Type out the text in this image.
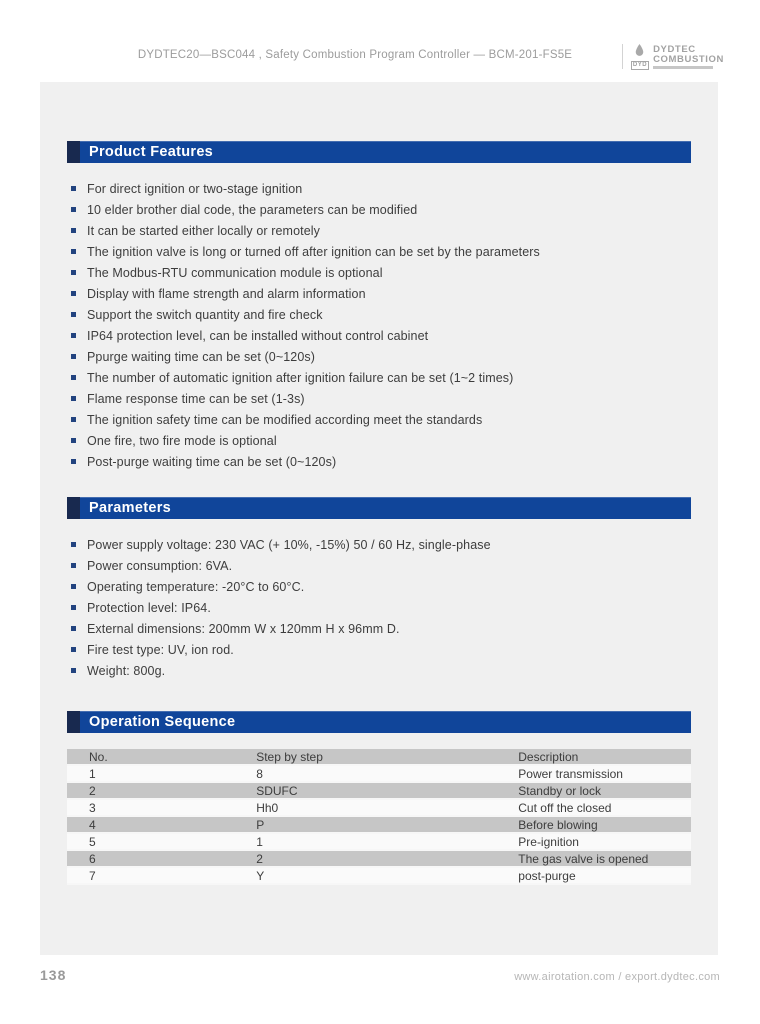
DYDTEC20—BSC044 , Safety Combustion Program Controller — BCM-201-FS5E
DYD
DYDTEC
COMBUSTION
Product Features
For direct ignition or two-stage ignition
10 elder brother dial code, the parameters can be modified
It can be started either locally or remotely
The ignition valve is long or turned off after ignition can be set by the parameters
The Modbus-RTU communication module is optional
Display with flame strength and alarm information
Support the switch quantity and fire check
IP64 protection level, can be installed without control cabinet
Ppurge waiting time can be set (0~120s)
The number of automatic ignition after ignition failure can be set (1~2 times)
Flame response time can be set (1-3s)
The ignition safety time can be modified according meet the standards
One fire, two fire mode is optional
Post-purge waiting time can be set (0~120s)
Parameters
Power supply voltage: 230 VAC (+ 10%, -15%) 50 / 60 Hz, single-phase
Power consumption: 6VA.
Operating temperature: -20°C to 60°C.
Protection level: IP64.
External dimensions: 200mm W x 120mm H x 96mm D.
Fire test type: UV, ion rod.
Weight: 800g.
Operation Sequence
No.	Step by step	Description
1	8	Power transmission
2	SDUFC	Standby or lock
3	Hh0	Cut off the closed
4	P	Before blowing
5	1	Pre-ignition
6	2	The gas valve is opened
7	Y	post-purge
138	www.airotation.com / export.dydtec.com
